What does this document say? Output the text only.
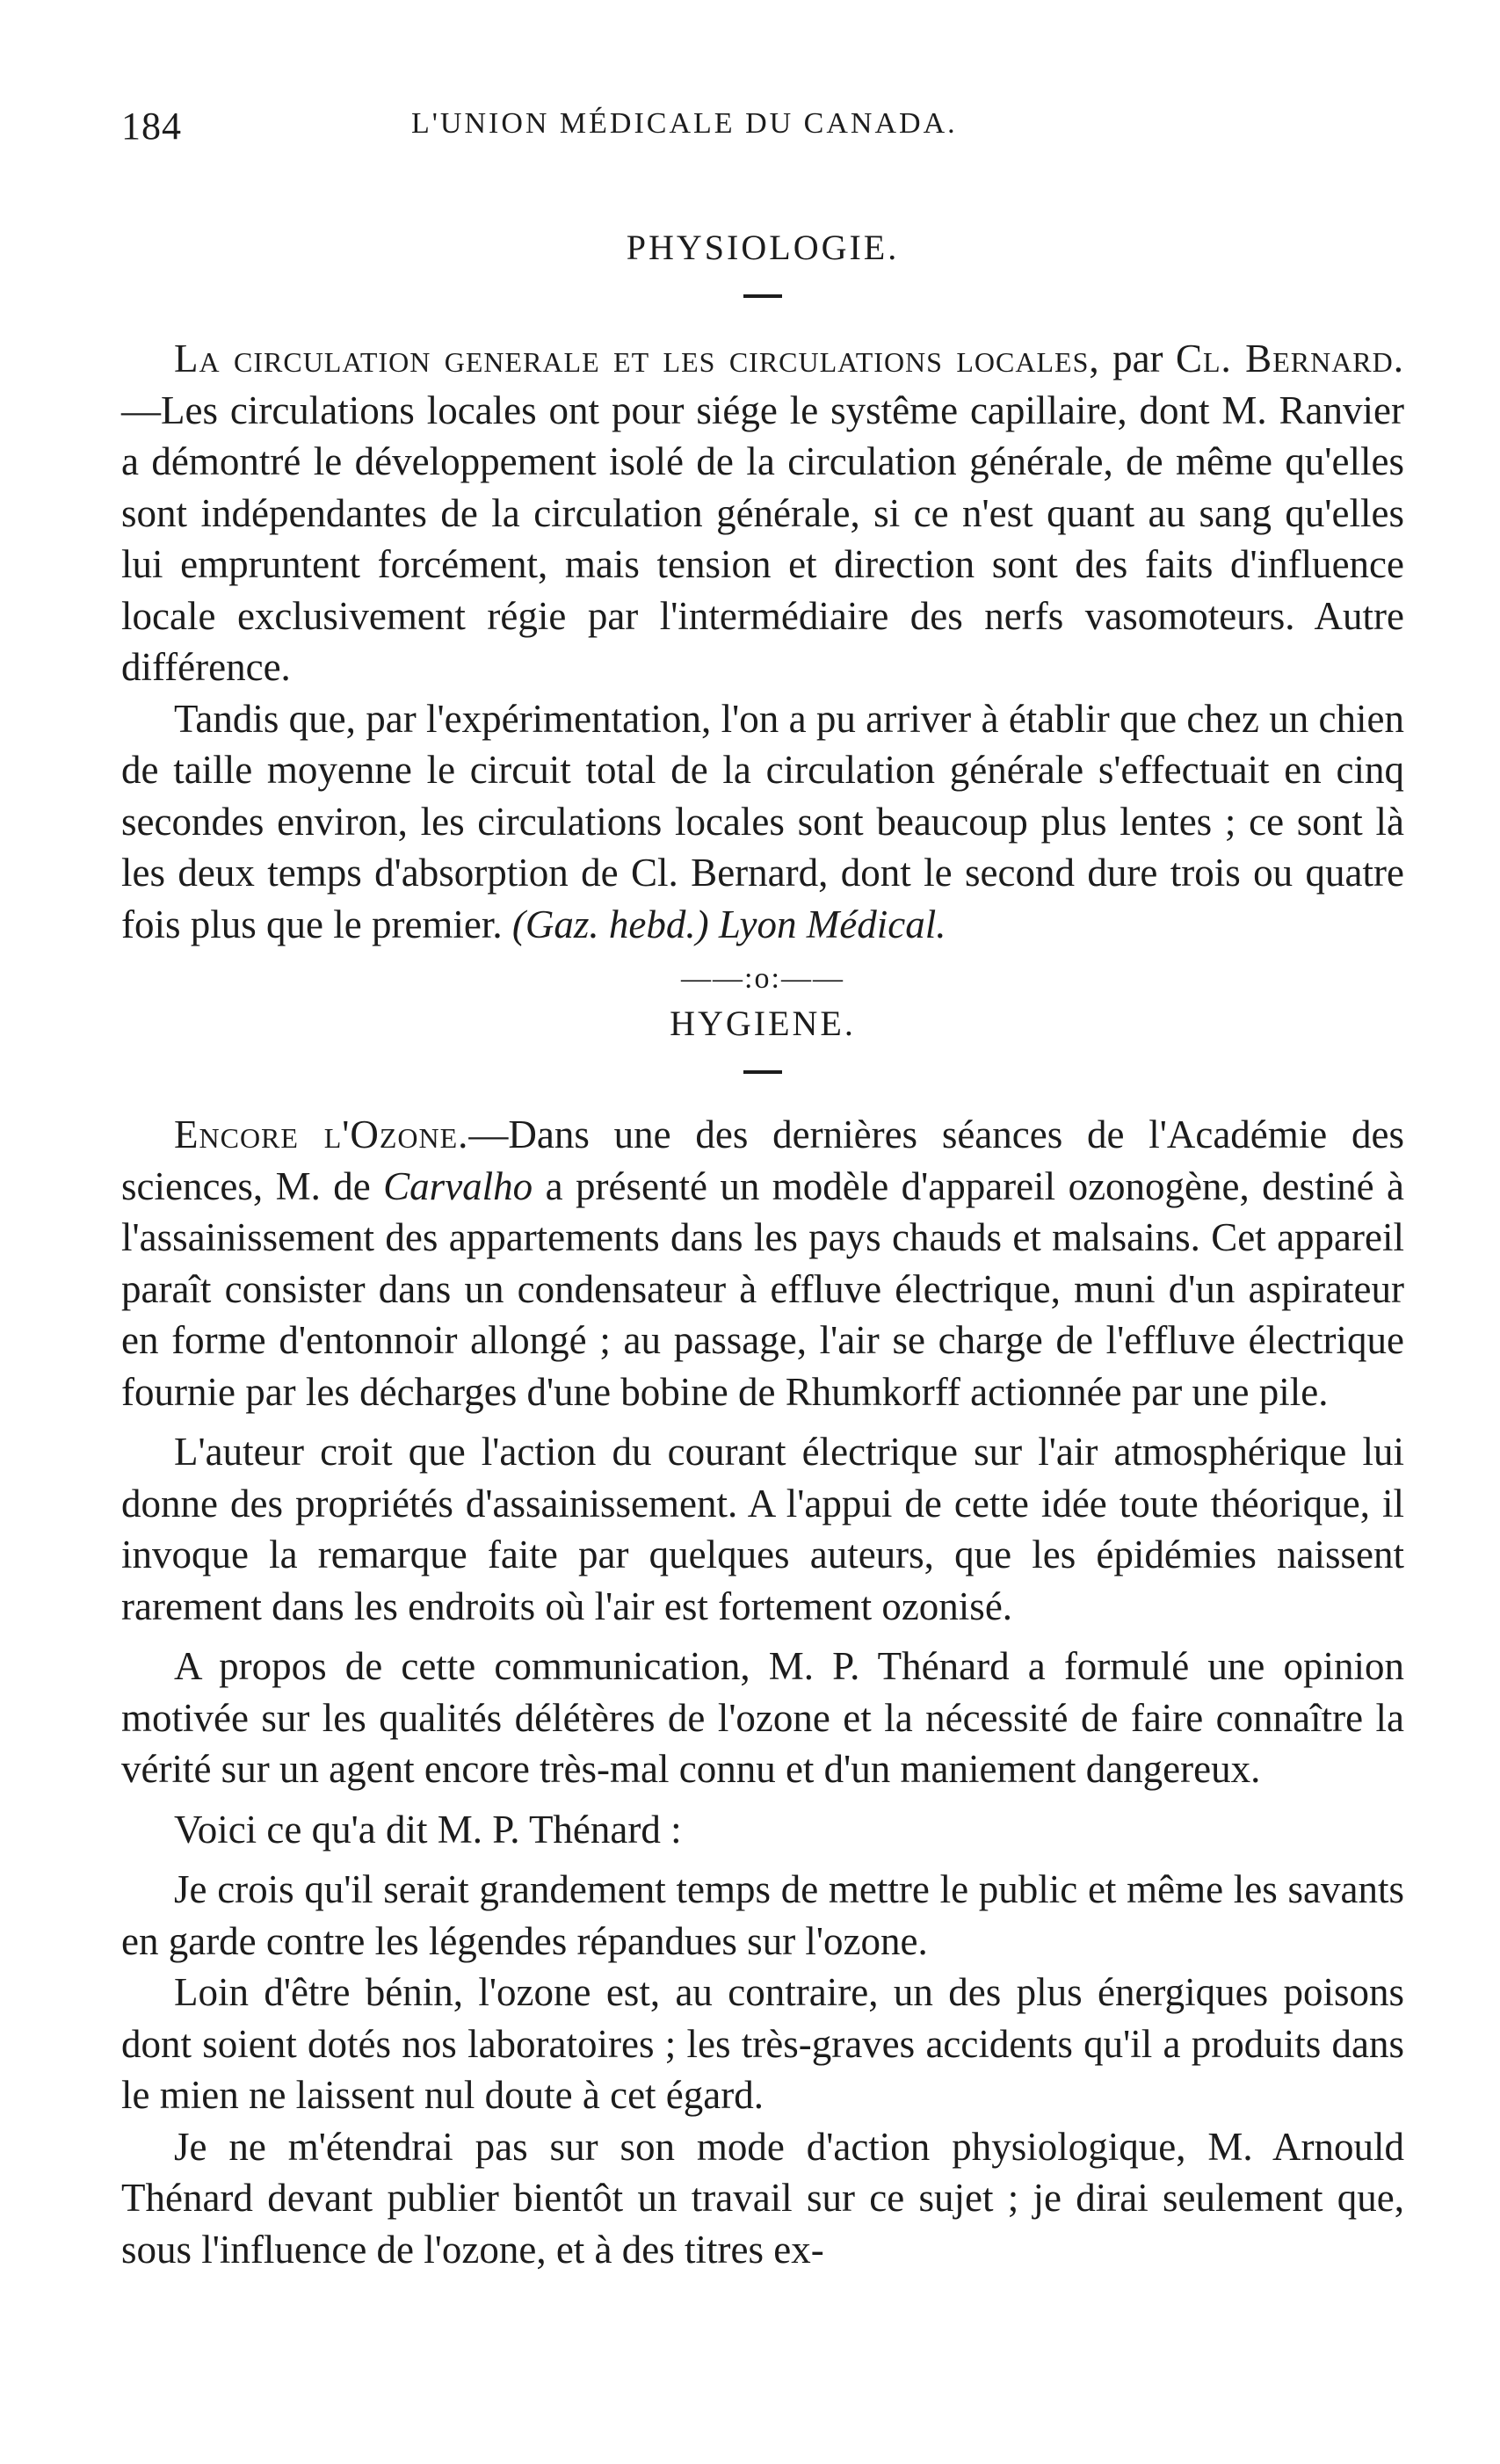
184	L'UNION MÉDICALE DU CANADA.
PHYSIOLOGIE.

La circulation generale et les circulations locales, par Cl. Bernard.—Les circulations locales ont pour siége le systême capillaire, dont M. Ranvier a démontré le développement isolé de la circulation générale, de même qu'elles sont indépendantes de la circulation générale, si ce n'est quant au sang qu'elles lui empruntent forcément, mais tension et direction sont des faits d'influence locale exclusivement régie par l'intermédiaire des nerfs vasomoteurs. Autre différence.

Tandis que, par l'expérimentation, l'on a pu arriver à établir que chez un chien de taille moyenne le circuit total de la circulation générale s'effectuait en cinq secondes environ, les circulations locales sont beaucoup plus lentes ; ce sont là les deux temps d'absorption de Cl. Bernard, dont le second dure trois ou quatre fois plus que le premier. (Gaz. hebd.) Lyon Médical.

——:o:——
HYGIENE.

Encore l'Ozone.—Dans une des dernières séances de l'Académie des sciences, M. de Carvalho a présenté un modèle d'appareil ozonogène, destiné à l'assainissement des appartements dans les pays chauds et malsains. Cet appareil paraît consister dans un condensateur à effluve électrique, muni d'un aspirateur en forme d'entonnoir allongé ; au passage, l'air se charge de l'effluve électrique fournie par les décharges d'une bobine de Rhumkorff actionnée par une pile.

L'auteur croit que l'action du courant électrique sur l'air atmosphérique lui donne des propriétés d'assainissement. A l'appui de cette idée toute théorique, il invoque la remarque faite par quelques auteurs, que les épidémies naissent rarement dans les endroits où l'air est fortement ozonisé.

A propos de cette communication, M. P. Thénard a formulé une opinion motivée sur les qualités délétères de l'ozone et la nécessité de faire connaître la vérité sur un agent encore très-mal connu et d'un maniement dangereux.

Voici ce qu'a dit M. P. Thénard :

Je crois qu'il serait grandement temps de mettre le public et même les savants en garde contre les légendes répandues sur l'ozone.

Loin d'être bénin, l'ozone est, au contraire, un des plus énergiques poisons dont soient dotés nos laboratoires ; les très-graves accidents qu'il a produits dans le mien ne laissent nul doute à cet égard.

Je ne m'étendrai pas sur son mode d'action physiologique, M. Arnould Thénard devant publier bientôt un travail sur ce sujet ; je dirai seulement que, sous l'influence de l'ozone, et à des titres ex-
